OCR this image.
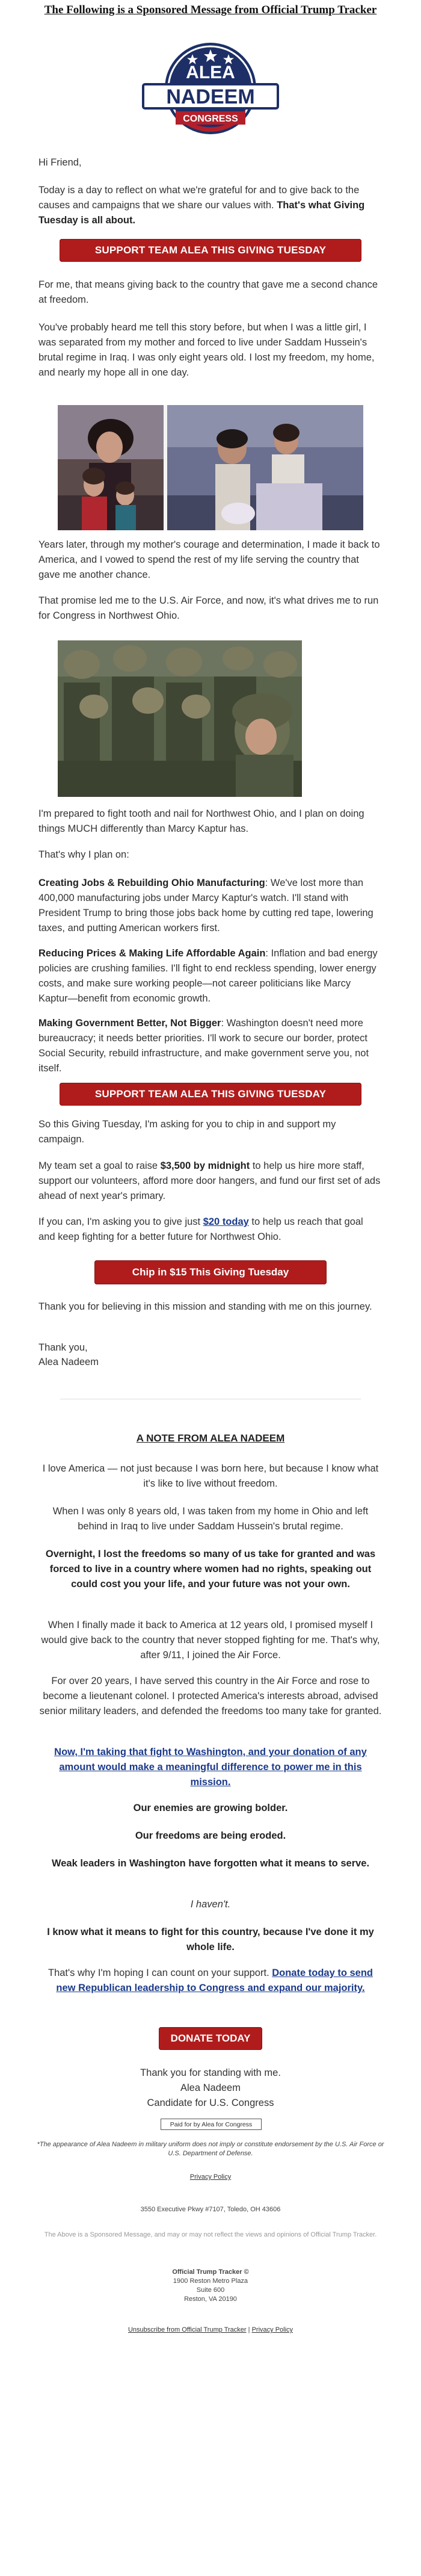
The Following is a Sponsored Message from Official Trump Tracker
ALEA
NADEEM
CONGRESS

Hi Friend,

Today is a day to reflect on what we're grateful for and to give back to the causes and campaigns that we share our values with. That's what Giving Tuesday is all about.

SUPPORT TEAM ALEA THIS GIVING TUESDAY

For me, that means giving back to the country that gave me a second chance at freedom.

You've probably heard me tell this story before, but when I was a little girl, I was separated from my mother and forced to live under Saddam Hussein's brutal regime in Iraq. I was only eight years old. I lost my freedom, my home, and nearly my hope all in one day.

Years later, through my mother's courage and determination, I made it back to America, and I vowed to spend the rest of my life serving the country that gave me another chance.

That promise led me to the U.S. Air Force, and now, it's what drives me to run for Congress in Northwest Ohio.

I'm prepared to fight tooth and nail for Northwest Ohio, and I plan on doing things MUCH differently than Marcy Kaptur has.

That's why I plan on:

Creating Jobs & Rebuilding Ohio Manufacturing: We've lost more than 400,000 manufacturing jobs under Marcy Kaptur's watch. I'll stand with President Trump to bring those jobs back home by cutting red tape, lowering taxes, and putting American workers first.

Reducing Prices & Making Life Affordable Again: Inflation and bad energy policies are crushing families. I'll fight to end reckless spending, lower energy costs, and make sure working people—not career politicians like Marcy Kaptur—benefit from economic growth.

Making Government Better, Not Bigger: Washington doesn't need more bureaucracy; it needs better priorities. I'll work to secure our border, protect Social Security, rebuild infrastructure, and make government serve you, not itself.

SUPPORT TEAM ALEA THIS GIVING TUESDAY

So this Giving Tuesday, I'm asking for you to chip in and support my campaign.

My team set a goal to raise $3,500 by midnight to help us hire more staff, support our volunteers, afford more door hangers, and fund our first set of ads ahead of next year's primary.

If you can, I'm asking you to give just $20 today to help us reach that goal and keep fighting for a better future for Northwest Ohio.

Chip in $15 This Giving Tuesday

Thank you for believing in this mission and standing with me on this journey.

Thank you,

Alea Nadeem

A NOTE FROM ALEA NADEEM

I love America — not just because I was born here, but because I know what it's like to live without freedom.

When I was only 8 years old, I was taken from my home in Ohio and left behind in Iraq to live under Saddam Hussein's brutal regime.

Overnight, I lost the freedoms so many of us take for granted and was forced to live in a country where women had no rights, speaking out could cost you your life, and your future was not your own.

When I finally made it back to America at 12 years old, I promised myself I would give back to the country that never stopped fighting for me. That's why, after 9/11, I joined the Air Force.

For over 20 years, I have served this country in the Air Force and rose to become a lieutenant colonel. I protected America's interests abroad, advised senior military leaders, and defended the freedoms too many take for granted.

Now, I'm taking that fight to Washington, and your donation of any amount would make a meaningful difference to power me in this mission.

Our enemies are growing bolder.

Our freedoms are being eroded.

Weak leaders in Washington have forgotten what it means to serve.

I haven't.

I know what it means to fight for this country, because I've done it my whole life.

That's why I'm hoping I can count on your support. Donate today to send new Republican leadership to Congress and expand our majority.

DONATE TODAY

Thank you for standing with me.

Alea Nadeem

Candidate for U.S. Congress

Paid for by Alea for Congress
*The appearance of Alea Nadeem in military uniform does not imply or constitute endorsement by the U.S. Air Force or U.S. Department of Defense.
Privacy Policy
3550 Executive Pkwy #7107, Toledo, OH 43606
The Above is a Sponsored Message, and may or may not reflect the views and opinions of Official Trump Tracker.
Official Trump Tracker ©
1900 Reston Metro Plaza
Suite 600
Reston, VA 20190
Unsubscribe from Official Trump Tracker | Privacy Policy
